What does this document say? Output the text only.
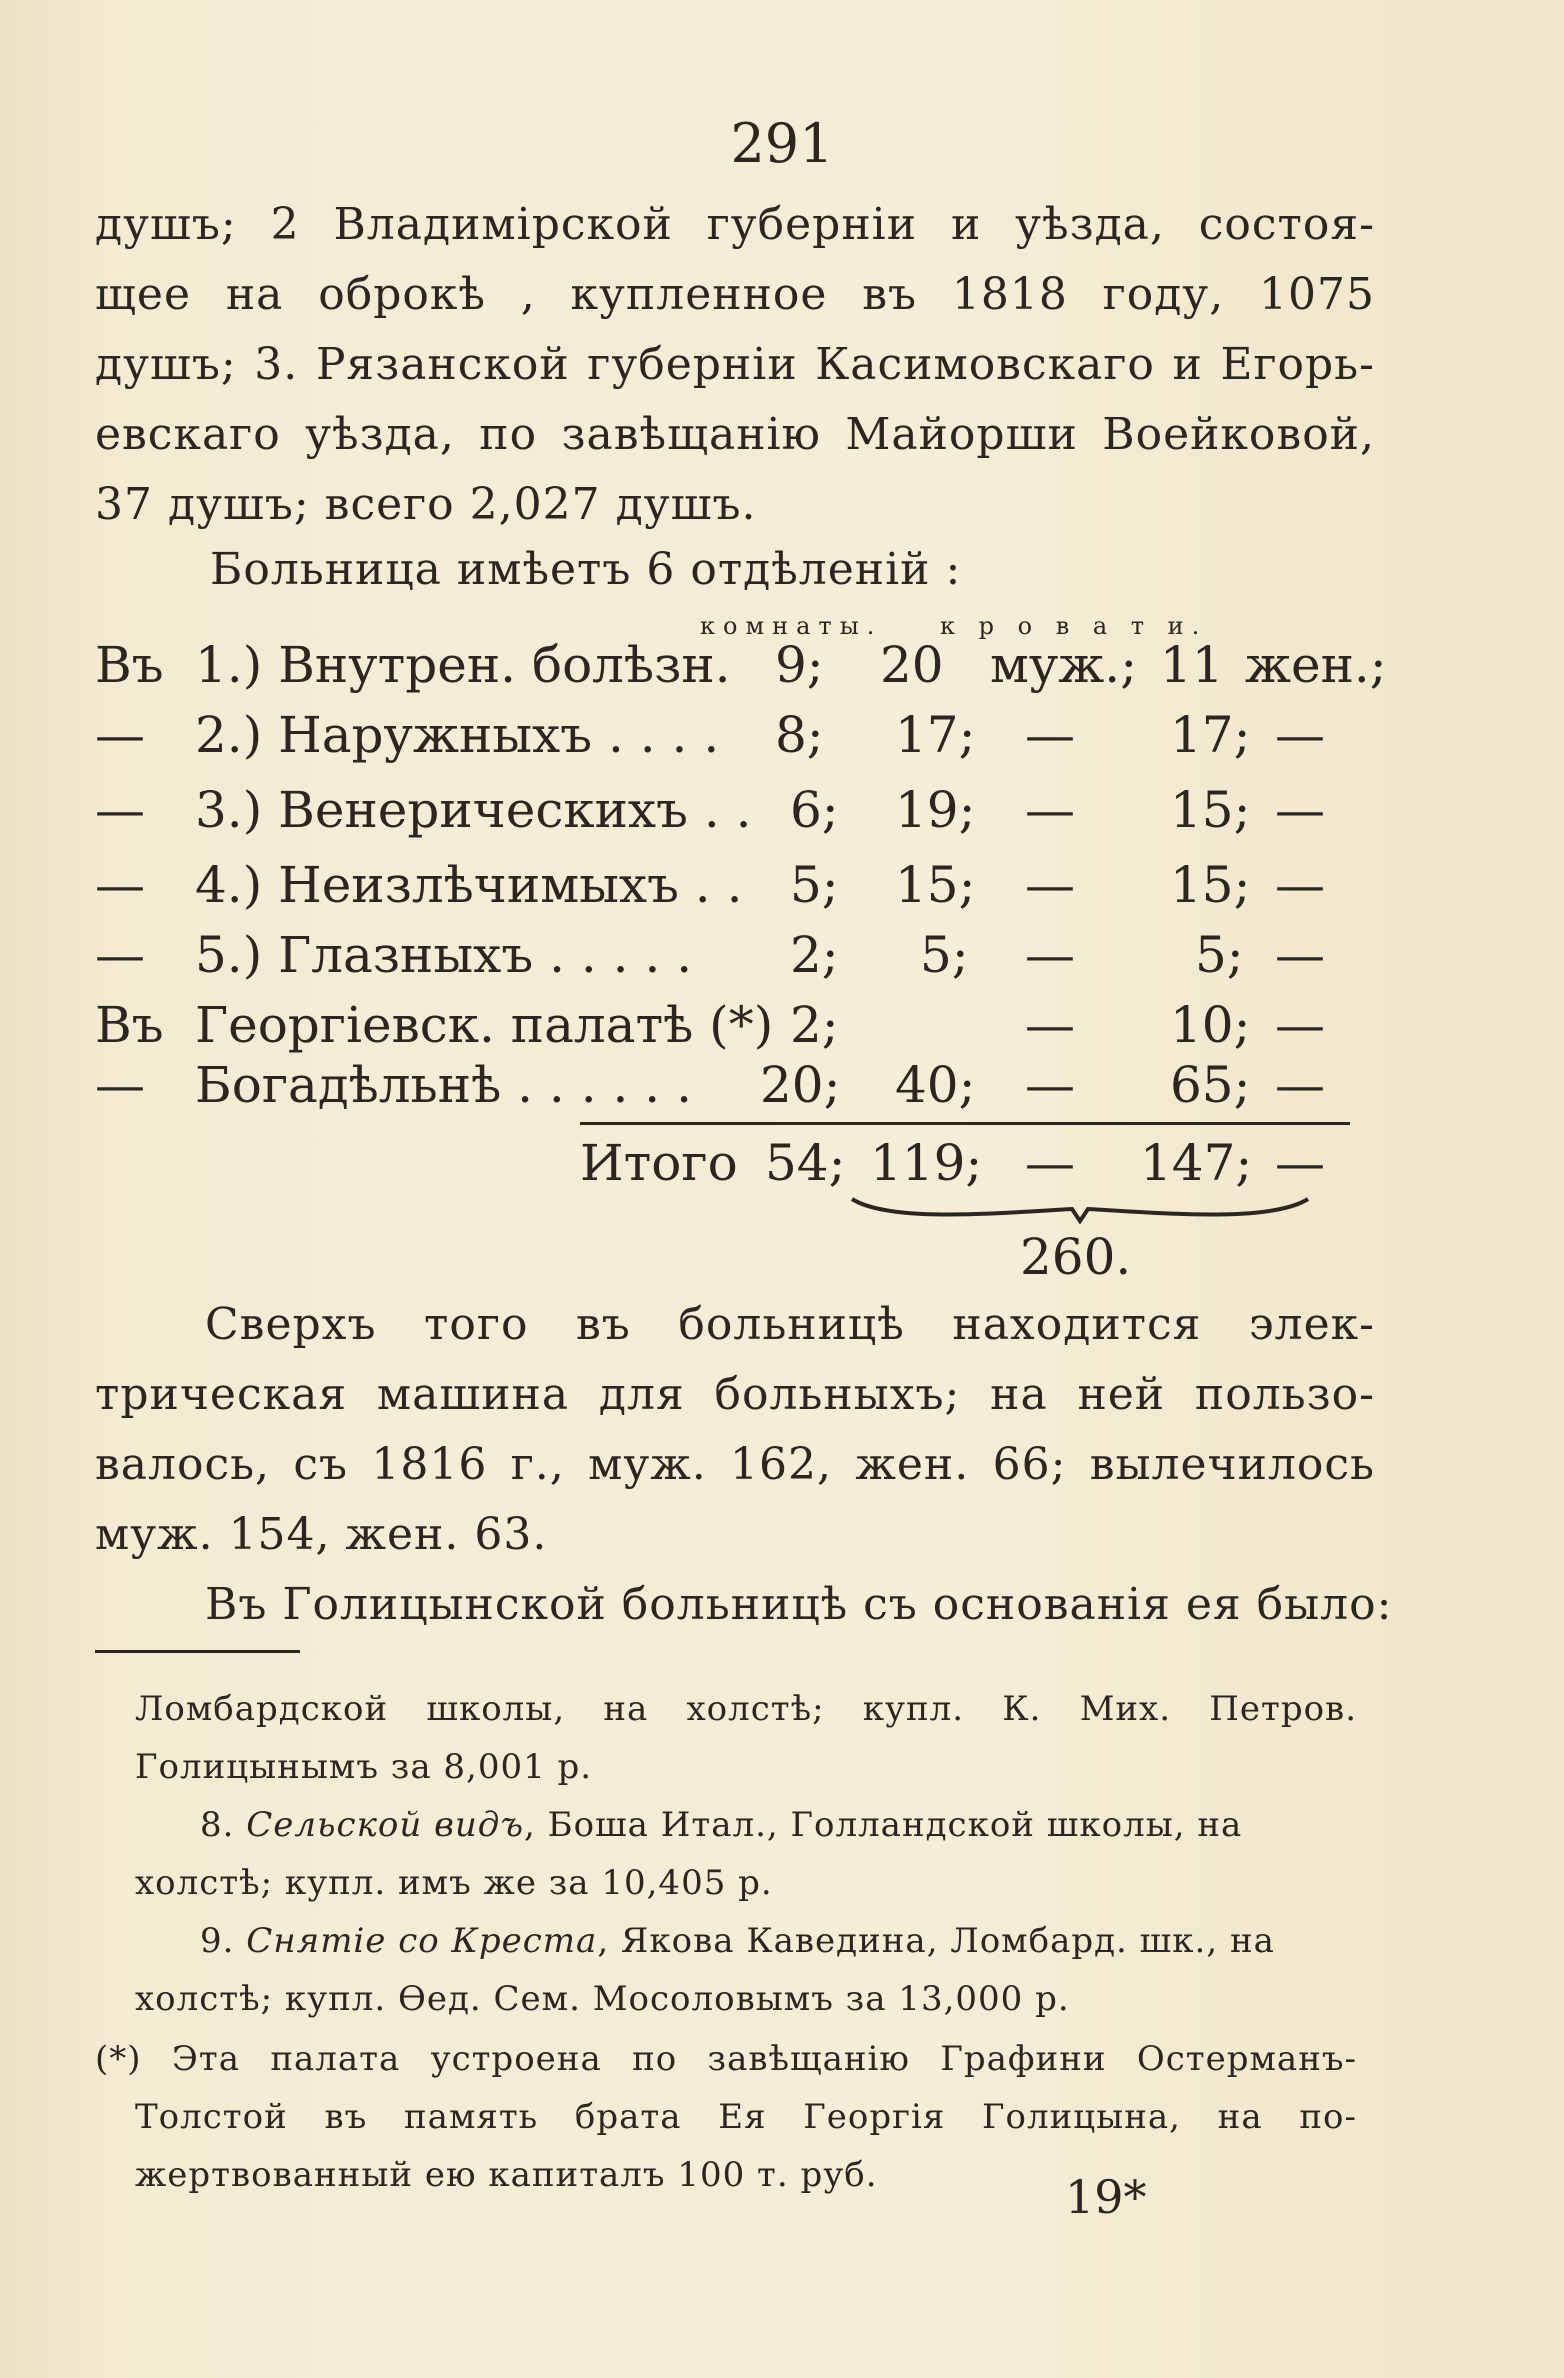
291
душъ; 2 Владимірской губерніи и уѣзда, состоя-
щее на оброкѣ , купленное въ 1818 году, 1075
душъ; 3. Рязанской губерніи Касимовскаго и Егорь-
евскаго уѣзда, по завѣщанію Майорши Воейковой,
37 душъ; всего 2,027 душъ.
Больница имѣетъ 6 отдѣленій :
комнаты. к р о в а т и.
Въ 1.) Внутрен. болѣзн. 9; 20 муж.; 11 жен.;
— 2.) Наружныхъ . . . . 8; 17; — 17; —
— 3.) Венерическихъ . . 6; 19; — 15; —
— 4.) Неизлѣчимыхъ . . 5; 15; — 15; —
— 5.) Глазныхъ . . . . . 2; 5; — 5; —
Въ Георгіевск. палатѣ (*) 2;	— 10; —
— Богадѣльнѣ . . . . . . 20; 40; — 65; —
Итого 54; 119; — 147; —
260.
Сверхъ того въ больницѣ находится элек-
трическая машина для больныхъ; на ней пользо-
валось, съ 1816 г., муж. 162, жен. 66; вылечилось
муж. 154, жен. 63.
Въ Голицынской больницѣ съ основанія ея было:
Ломбардской школы, на холстѣ; купл. К. Мих. Петров.
Голицынымъ за 8,001 р.
8. Сельской видъ, Боша Итал., Голландской школы, на
холстѣ; купл. имъ же за 10,405 р.
9. Снятіе со Креста, Якова Каведина, Ломбард. шк., на
холстѣ; купл. Ѳед. Сем. Мосоловымъ за 13,000 р.
(*) Эта палата устроена по завѣщанію Графини Остерманъ-
Толстой въ память брата Ея Георгія Голицына, на по-
жертвованный ею капиталъ 100 т. руб.	19*
